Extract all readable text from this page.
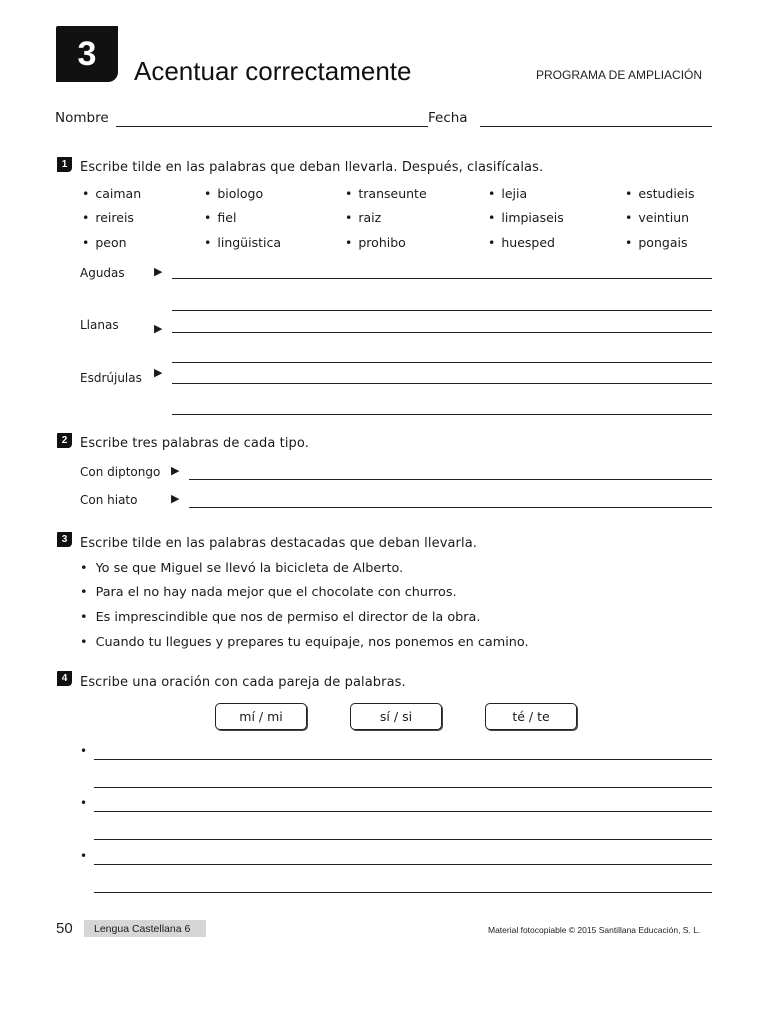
3	Acentuar correctamente	PROGRAMA DE AMPLIACIÓN
Nombre	Fecha
1 Escribe tilde en las palabras que deban llevarla. Después, clasifícalas.
• caiman	• biologo	• transeunte	• lejia	• estudieis
• reireis	• fiel	• raiz	• limpiaseis	• veintiun
• peon	• lingüistica	• prohibo	• huesped	• pongais
Agudas	▶
Llanas	▶
Esdrújulas ▶
2 Escribe tres palabras de cada tipo.
Con diptongo ▶
Con hiato	▶
3 Escribe tilde en las palabras destacadas que deban llevarla.
• Yo se que Miguel se llevó la bicicleta de Alberto.
• Para el no hay nada mejor que el chocolate con churros.
• Es imprescindible que nos de permiso el director de la obra.
• Cuando tu llegues y prepares tu equipaje, nos ponemos en camino.
4 Escribe una oración con cada pareja de palabras.
mí / mi	sí / si	té / te
•
•
•
50	Lengua Castellana 6	Material fotocopiable © 2015 Santillana Educación, S. L.
